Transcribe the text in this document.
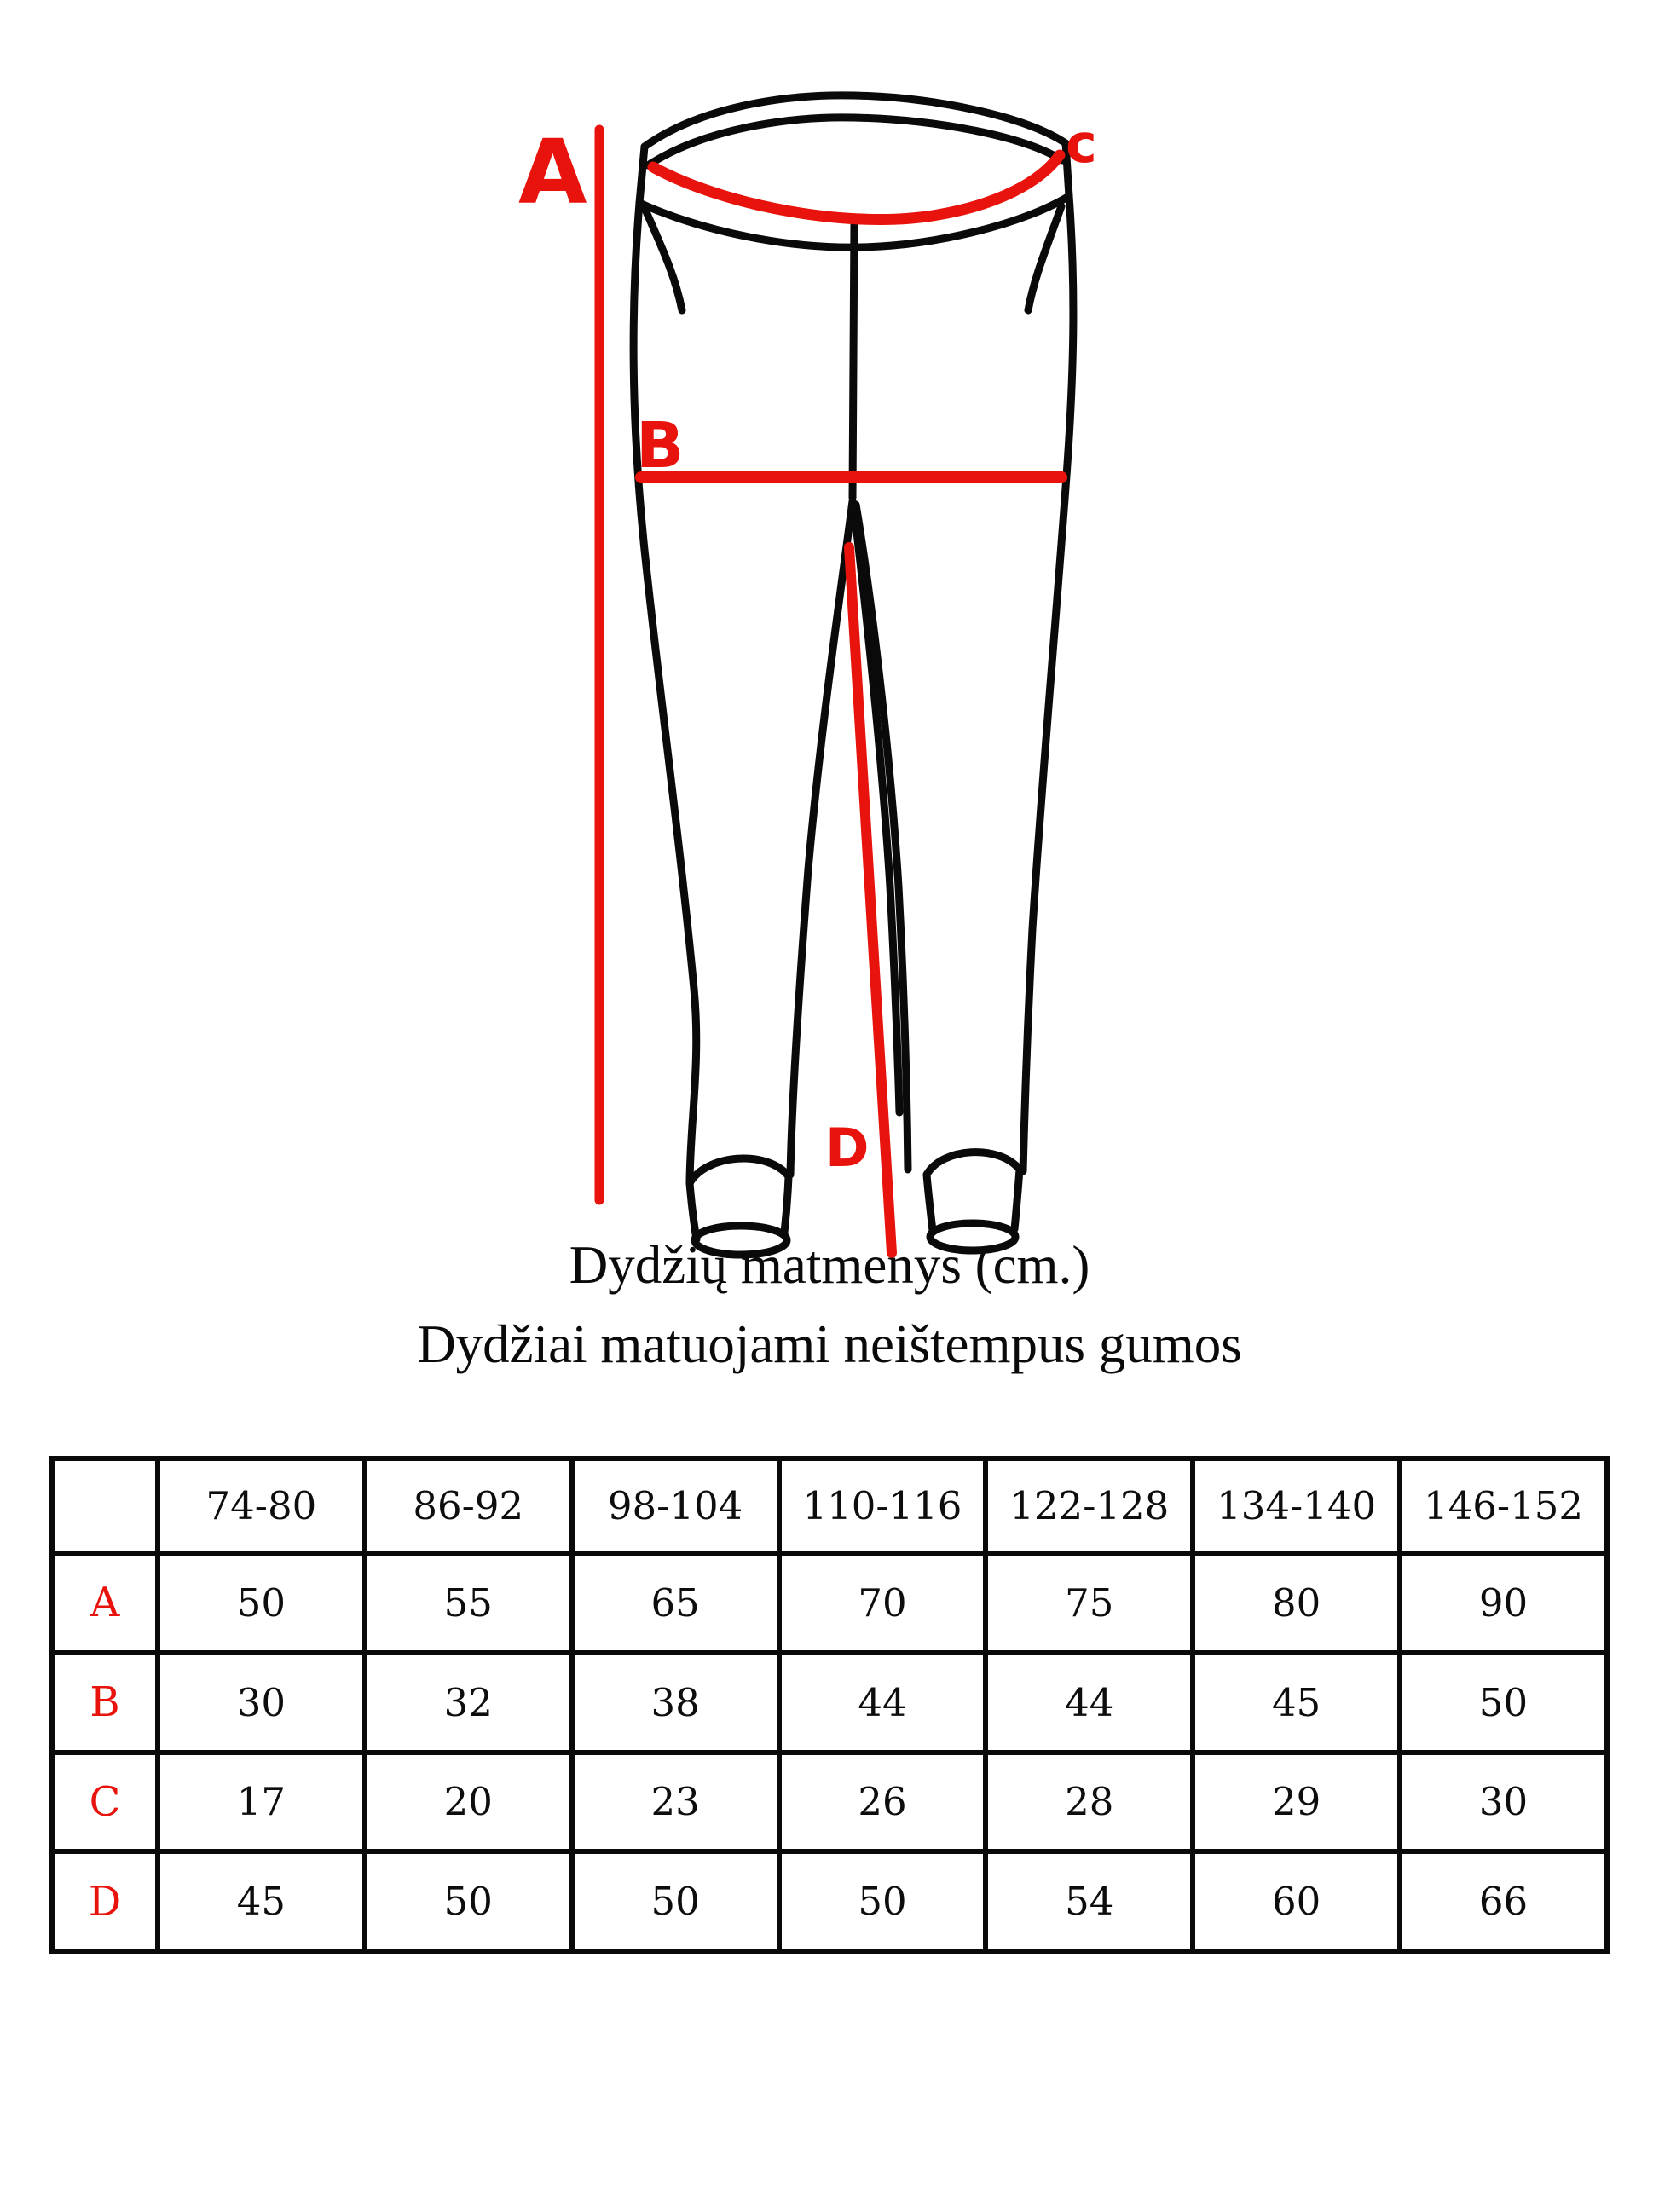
A
B
c
D
Dydžių matmenys (cm.)
Dydžiai matuojami neištempus gumos
	74-80	86-92	98-104	110-116	122-128	134-140	146-152
A	50	55	65	70	75	80	90
B	30	32	38	44	44	45	50
C	17	20	23	26	28	29	30
D	45	50	50	50	54	60	66
